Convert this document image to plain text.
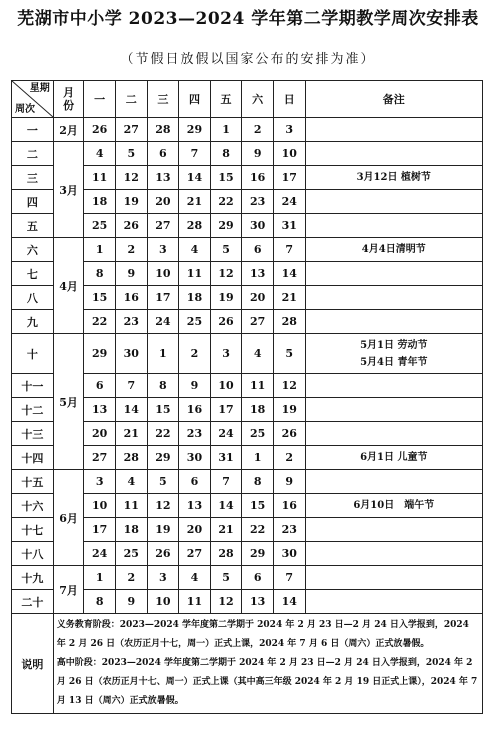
芜湖市中小学 2023—2024 学年第二学期教学周次安排表
（节假日放假以国家公布的安排为准）
星期
周次	月
份	一	二	三	四	五	六	日	备注
一	2月	26	27	28	29	1	2	3	
二	3月	4	5	6	7	8	9	10	
三		11	12	13	14	15	16	17	3月12日 植树节
四		18	19	20	21	22	23	24	
五		25	26	27	28	29	30	31	
六	4月	1	2	3	4	5	6	7	4月4日清明节
七		8	9	10	11	12	13	14	
八		15	16	17	18	19	20	21	
九		22	23	24	25	26	27	28	
十	5月	29	30	1	2	3	4	5	5月1日 劳动节
5月4日 青年节
十一		6	7	8	9	10	11	12	
十二		13	14	15	16	17	18	19	
十三		20	21	22	23	24	25	26	
十四		27	28	29	30	31	1	2	6月1日 儿童节
十五	6月	3	4	5	6	7	8	9	
十六		10	11	12	13	14	15	16	6月10日　端午节
十七		17	18	19	20	21	22	23	
十八		24	25	26	27	28	29	30	
十九	7月	1	2	3	4	5	6	7	
二十		8	9	10	11	12	13	14	
说明	义务教育阶段：2023—2024 学年度第二学期于 2024 年 2 月 23 日—2 月 24 日入学报到，2024 年 2 月 26 日（农历正月十七，周一）正式上课，2024 年 7 月 6 日（周六）正式放暑假。

高中阶段：2023—2024 学年度第二学期于 2024 年 2 月 23 日—2 月 24 日入学报到，2024 年 2 月 26 日（农历正月十七、周一）正式上课（其中高三年级 2024 年 2 月 19 日正式上课），2024 年 7 月 13 日（周六）正式放暑假。								
